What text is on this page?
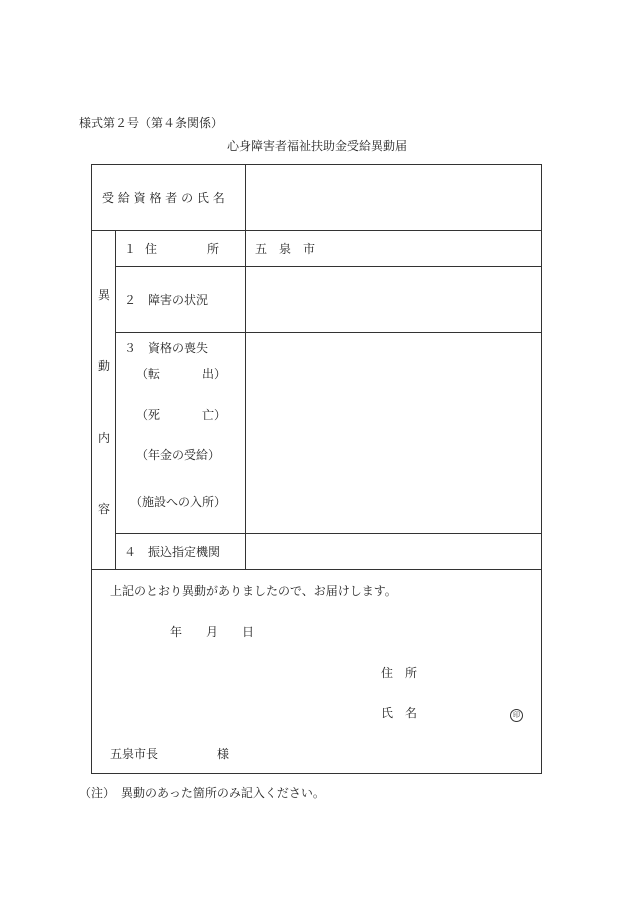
様式第２号（第４条関係）
心身障害者福祉扶助金受給異動届
受 給 資 格 者 の 氏 名
異
動
内
容
１ 住	所	五　泉　市
２　障害の状況
３　資格の喪失
（転	出）
（死	亡）
（年金の受給）
（施設への入所）
４　振込指定機関
上記のとおり異動がありましたので、お届けします。
年 月 日
住　所
氏　名	印
五泉市長	様
（注）　異動のあった箇所のみ記入ください。
